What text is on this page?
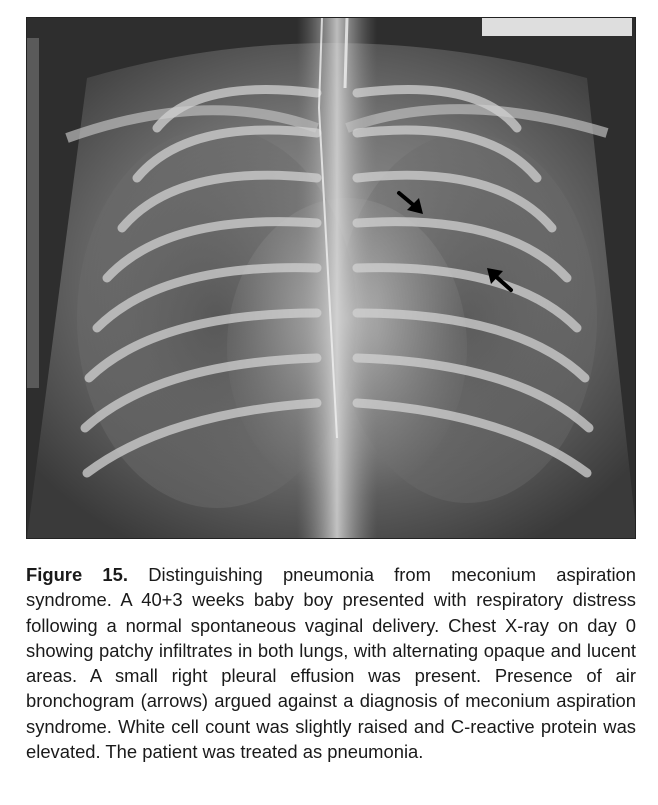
Figure 15. Distinguishing pneumonia from meconium aspiration syndrome. A 40+3 weeks baby boy presented with respiratory distress following a normal spontaneous vaginal delivery. Chest X-ray on day 0 showing patchy infiltrates in both lungs, with alternating opaque and lucent areas. A small right pleural effusion was present. Presence of air bronchogram (arrows) argued against a diagnosis of meconium aspiration syndrome. White cell count was slightly raised and C-reactive protein was elevated. The patient was treated as pneumonia.
